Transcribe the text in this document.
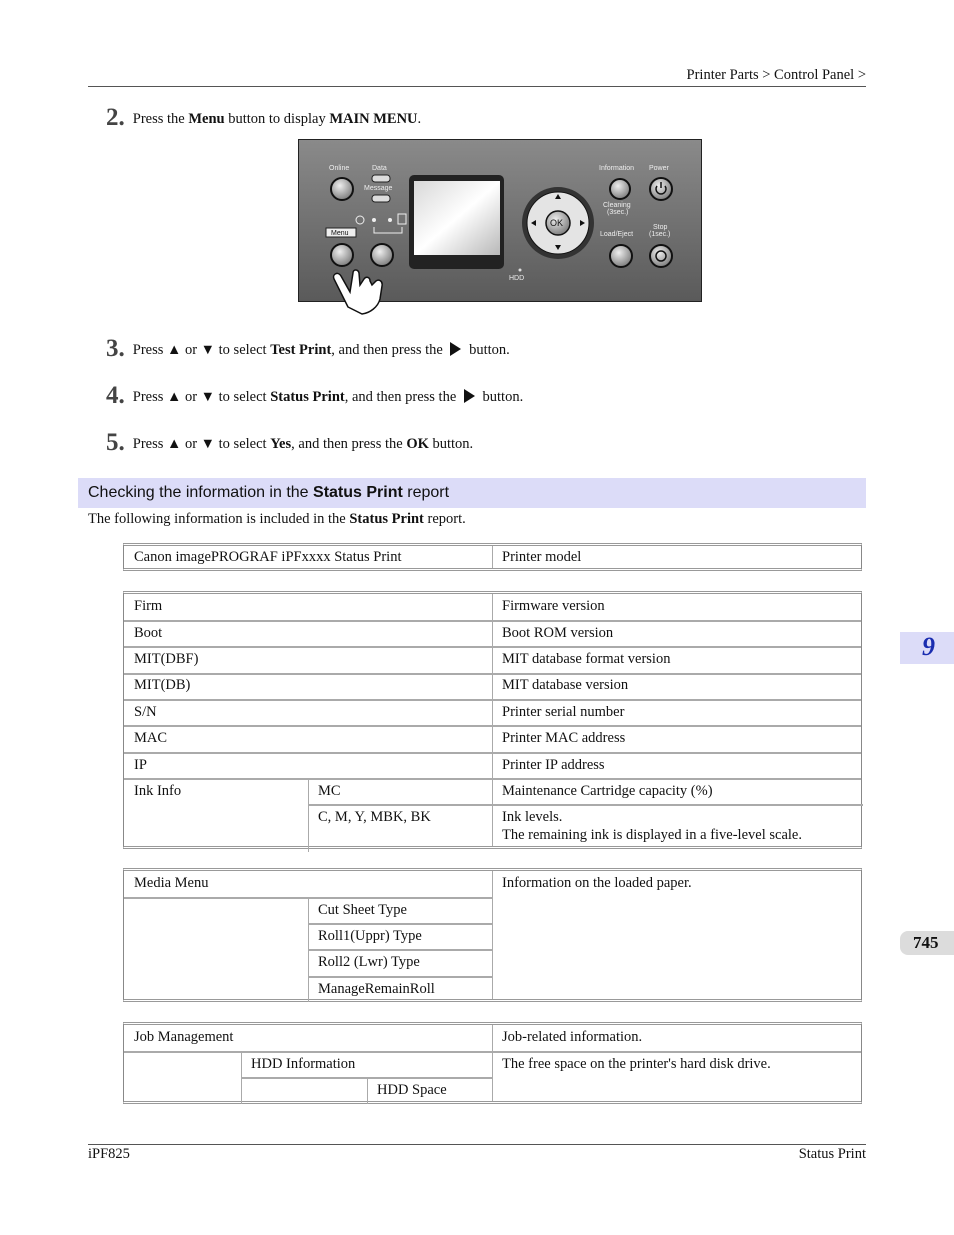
Printer Parts > Control Panel >
2. Press the Menu button to display MAIN MENU.
Online	Data
Message
Menu
OK
HDD
Information Power
Cleaning
(3sec.)
Load/Eject
Stop
(1sec.)
3. Press ▲ or ▼ to select Test Print, and then press the button.
4. Press ▲ or ▼ to select Status Print, and then press the button.
5. Press ▲ or ▼ to select Yes, and then press the OK button.
Checking the information in the Status Print report
The following information is included in the Status Print report.
Canon imagePROGRAF iPFxxxx Status Print	Printer model
Firm	Firmware version
Boot	Boot ROM version
MIT(DBF)	MIT database format version
MIT(DB)	MIT database version
S/N	Printer serial number
MAC	Printer MAC address
IP	Printer IP address
Ink Info	MC	Maintenance Cartridge capacity (%)
C, M, Y, MBK, BK	Ink levels.
The remaining ink is displayed in a five-level scale.
Media Menu	Information on the loaded paper.
Cut Sheet Type
Roll1(Uppr) Type
Roll2 (Lwr) Type
ManageRemainRoll
Job Management	Job-related information.
HDD Information	The free space on the printer's hard disk drive.
HDD Space
9
745
iPF825	Status Print
